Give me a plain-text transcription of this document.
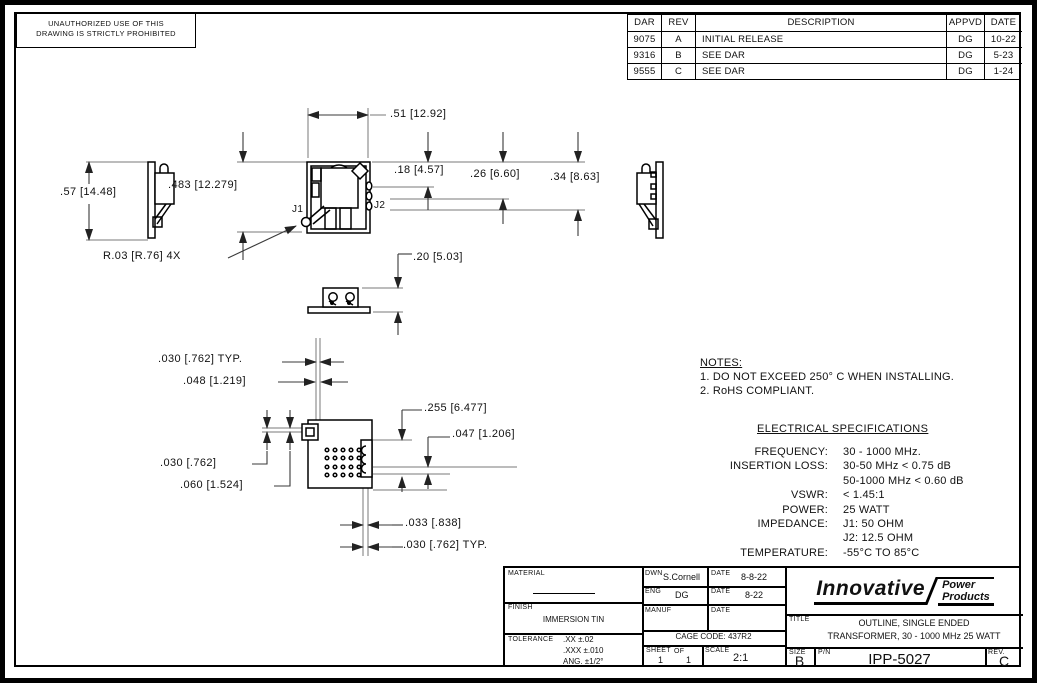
UNAUTHORIZED USE OF THIS
DRAWING IS STRICTLY PROHIBITED
DAR	REV	DESCRIPTION	APPVD DATE
9075	A	INITIAL RELEASE	DG	10-22
9316	B	SEE DAR	DG	5-23
9555	C	SEE DAR	DG	1-24
.51 [12.92]
.57 [14.48]
.483 [12.279]
R.03 [R.76] 4X
.18 [4.57] .26 [6.60]	.34 [8.63]
.20 [5.03]
.030 [.762] TYP.
.048 [1.219]
.030 [.762]
.060 [1.524]
.255 [6.477]
.047 [1.206]
.033 [.838]
.030 [.762] TYP.
J1	J2
NOTES:
1. DO NOT EXCEED 250° C WHEN INSTALLING.
2. RoHS COMPLIANT.
ELECTRICAL SPECIFICATIONS
FREQUENCY: 30 - 1000 MHz.
INSERTION LOSS: 30-50 MHz < 0.75 dB
50-1000 MHz < 0.60 dB
VSWR: < 1.45:1
POWER: 25 WATT
IMPEDANCE: J1: 50 OHM
J2: 12.5 OHM
TEMPERATURE: -55°C TO 85°C
MATERIAL
FINISH
IMMERSION TIN
TOLERANCE .XX ±.02
.XXX ±.010
ANG. ±1/2°
DWN S.Cornell DATE 8-8-22
ENG DG	DATE 8-22
MANUF	DATE
CAGE CODE: 437R2
SHEET
1
OF
1
SCALE
2:1
Innovative	Power
Products
TITLE	OUTLINE, SINGLE ENDED
TRANSFORMER, 30 - 1000 MHz 25 WATT
SIZE
B
P/N	IPP-5027	REV.
C
